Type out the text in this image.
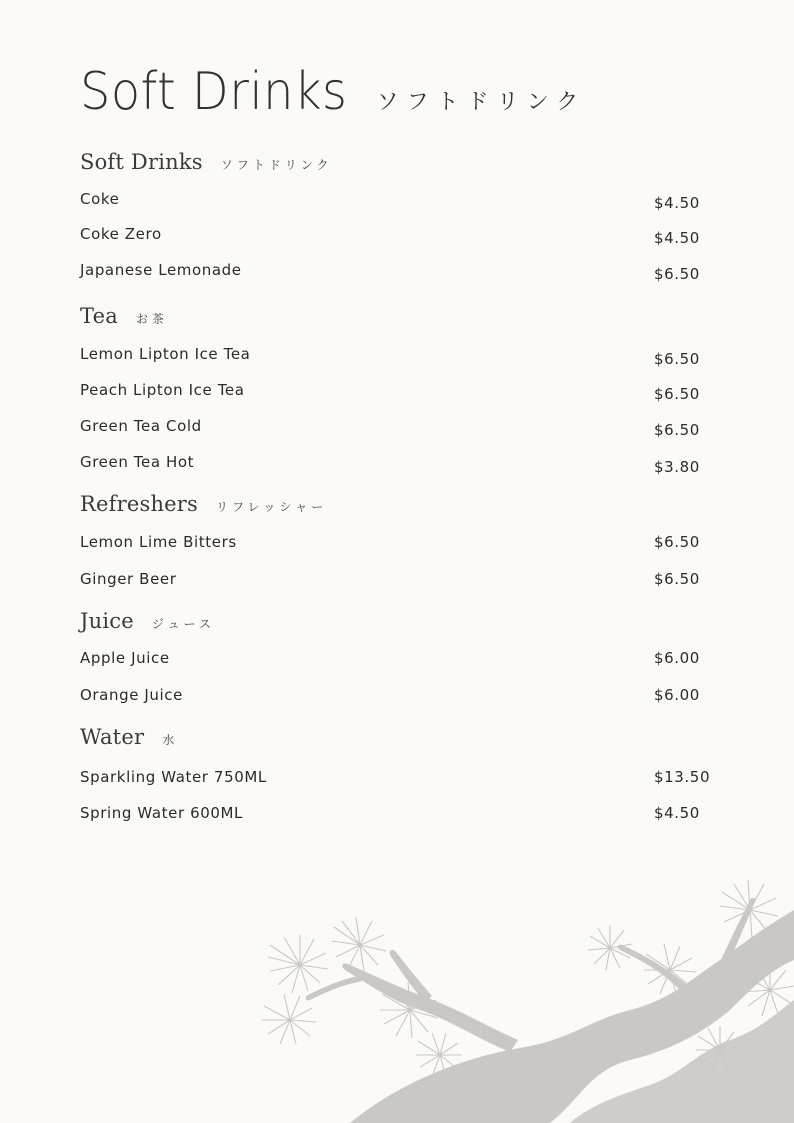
Soft Drinks ソフトドリンク
Soft Drinks ソフトドリンク
Coke	$4.50
Coke Zero	$4.50
Japanese Lemonade	$6.50
Tea お茶
Lemon Lipton Ice Tea	$6.50
Peach Lipton Ice Tea	$6.50
Green Tea Cold	$6.50
Green Tea Hot	$3.80
Refreshers リフレッシャー
Lemon Lime Bitters	$6.50
Ginger Beer	$6.50
Juice ジュース
Apple Juice	$6.00
Orange Juice	$6.00
Water 水
Sparkling Water 750ML	$13.50
Spring Water 600ML	$4.50
